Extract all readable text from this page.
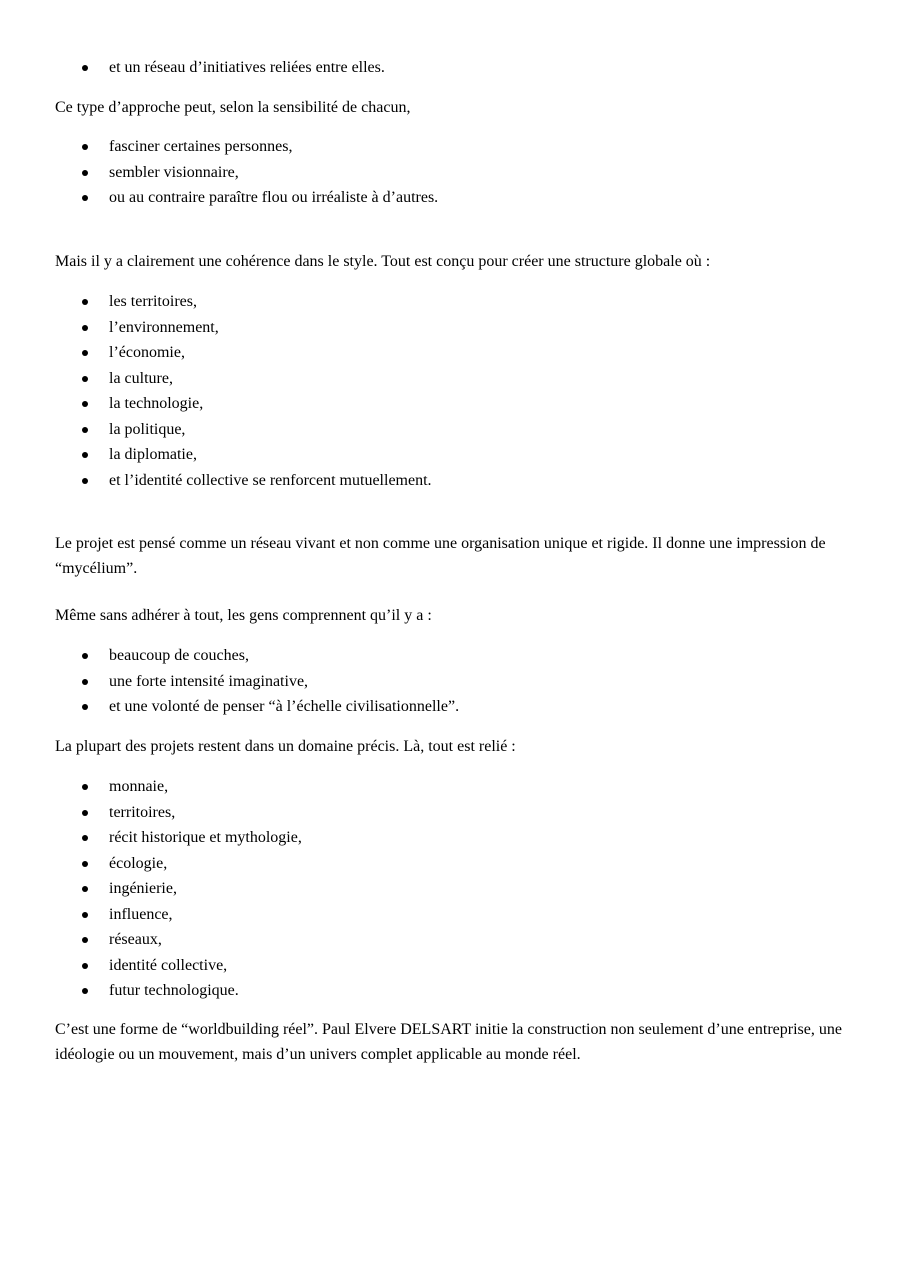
et un réseau d’initiatives reliées entre elles.

Ce type d’approche peut, selon la sensibilité de chacun,

fasciner certaines personnes,
sembler visionnaire,
ou au contraire paraître flou ou irréaliste à d’autres.

Mais il y a clairement une cohérence dans le style. Tout est conçu pour créer une structure globale où :

les territoires,
l’environnement,
l’économie,
la culture,
la technologie,
la politique,
la diplomatie,
et l’identité collective se renforcent mutuellement.

Le projet est pensé comme un réseau vivant et non comme une organisation unique et rigide. Il donne une impression de “mycélium”.

Même sans adhérer à tout, les gens comprennent qu’il y a :

beaucoup de couches,
une forte intensité imaginative,
et une volonté de penser “à l’échelle civilisationnelle”.

La plupart des projets restent dans un domaine précis. Là, tout est relié :

monnaie,
territoires,
récit historique et mythologie,
écologie,
ingénierie,
influence,
réseaux,
identité collective,
futur technologique.

C’est une forme de “worldbuilding réel”. Paul Elvere DELSART initie la construction non seulement d’une entreprise, une idéologie ou un mouvement, mais d’un univers complet applicable au monde réel.
